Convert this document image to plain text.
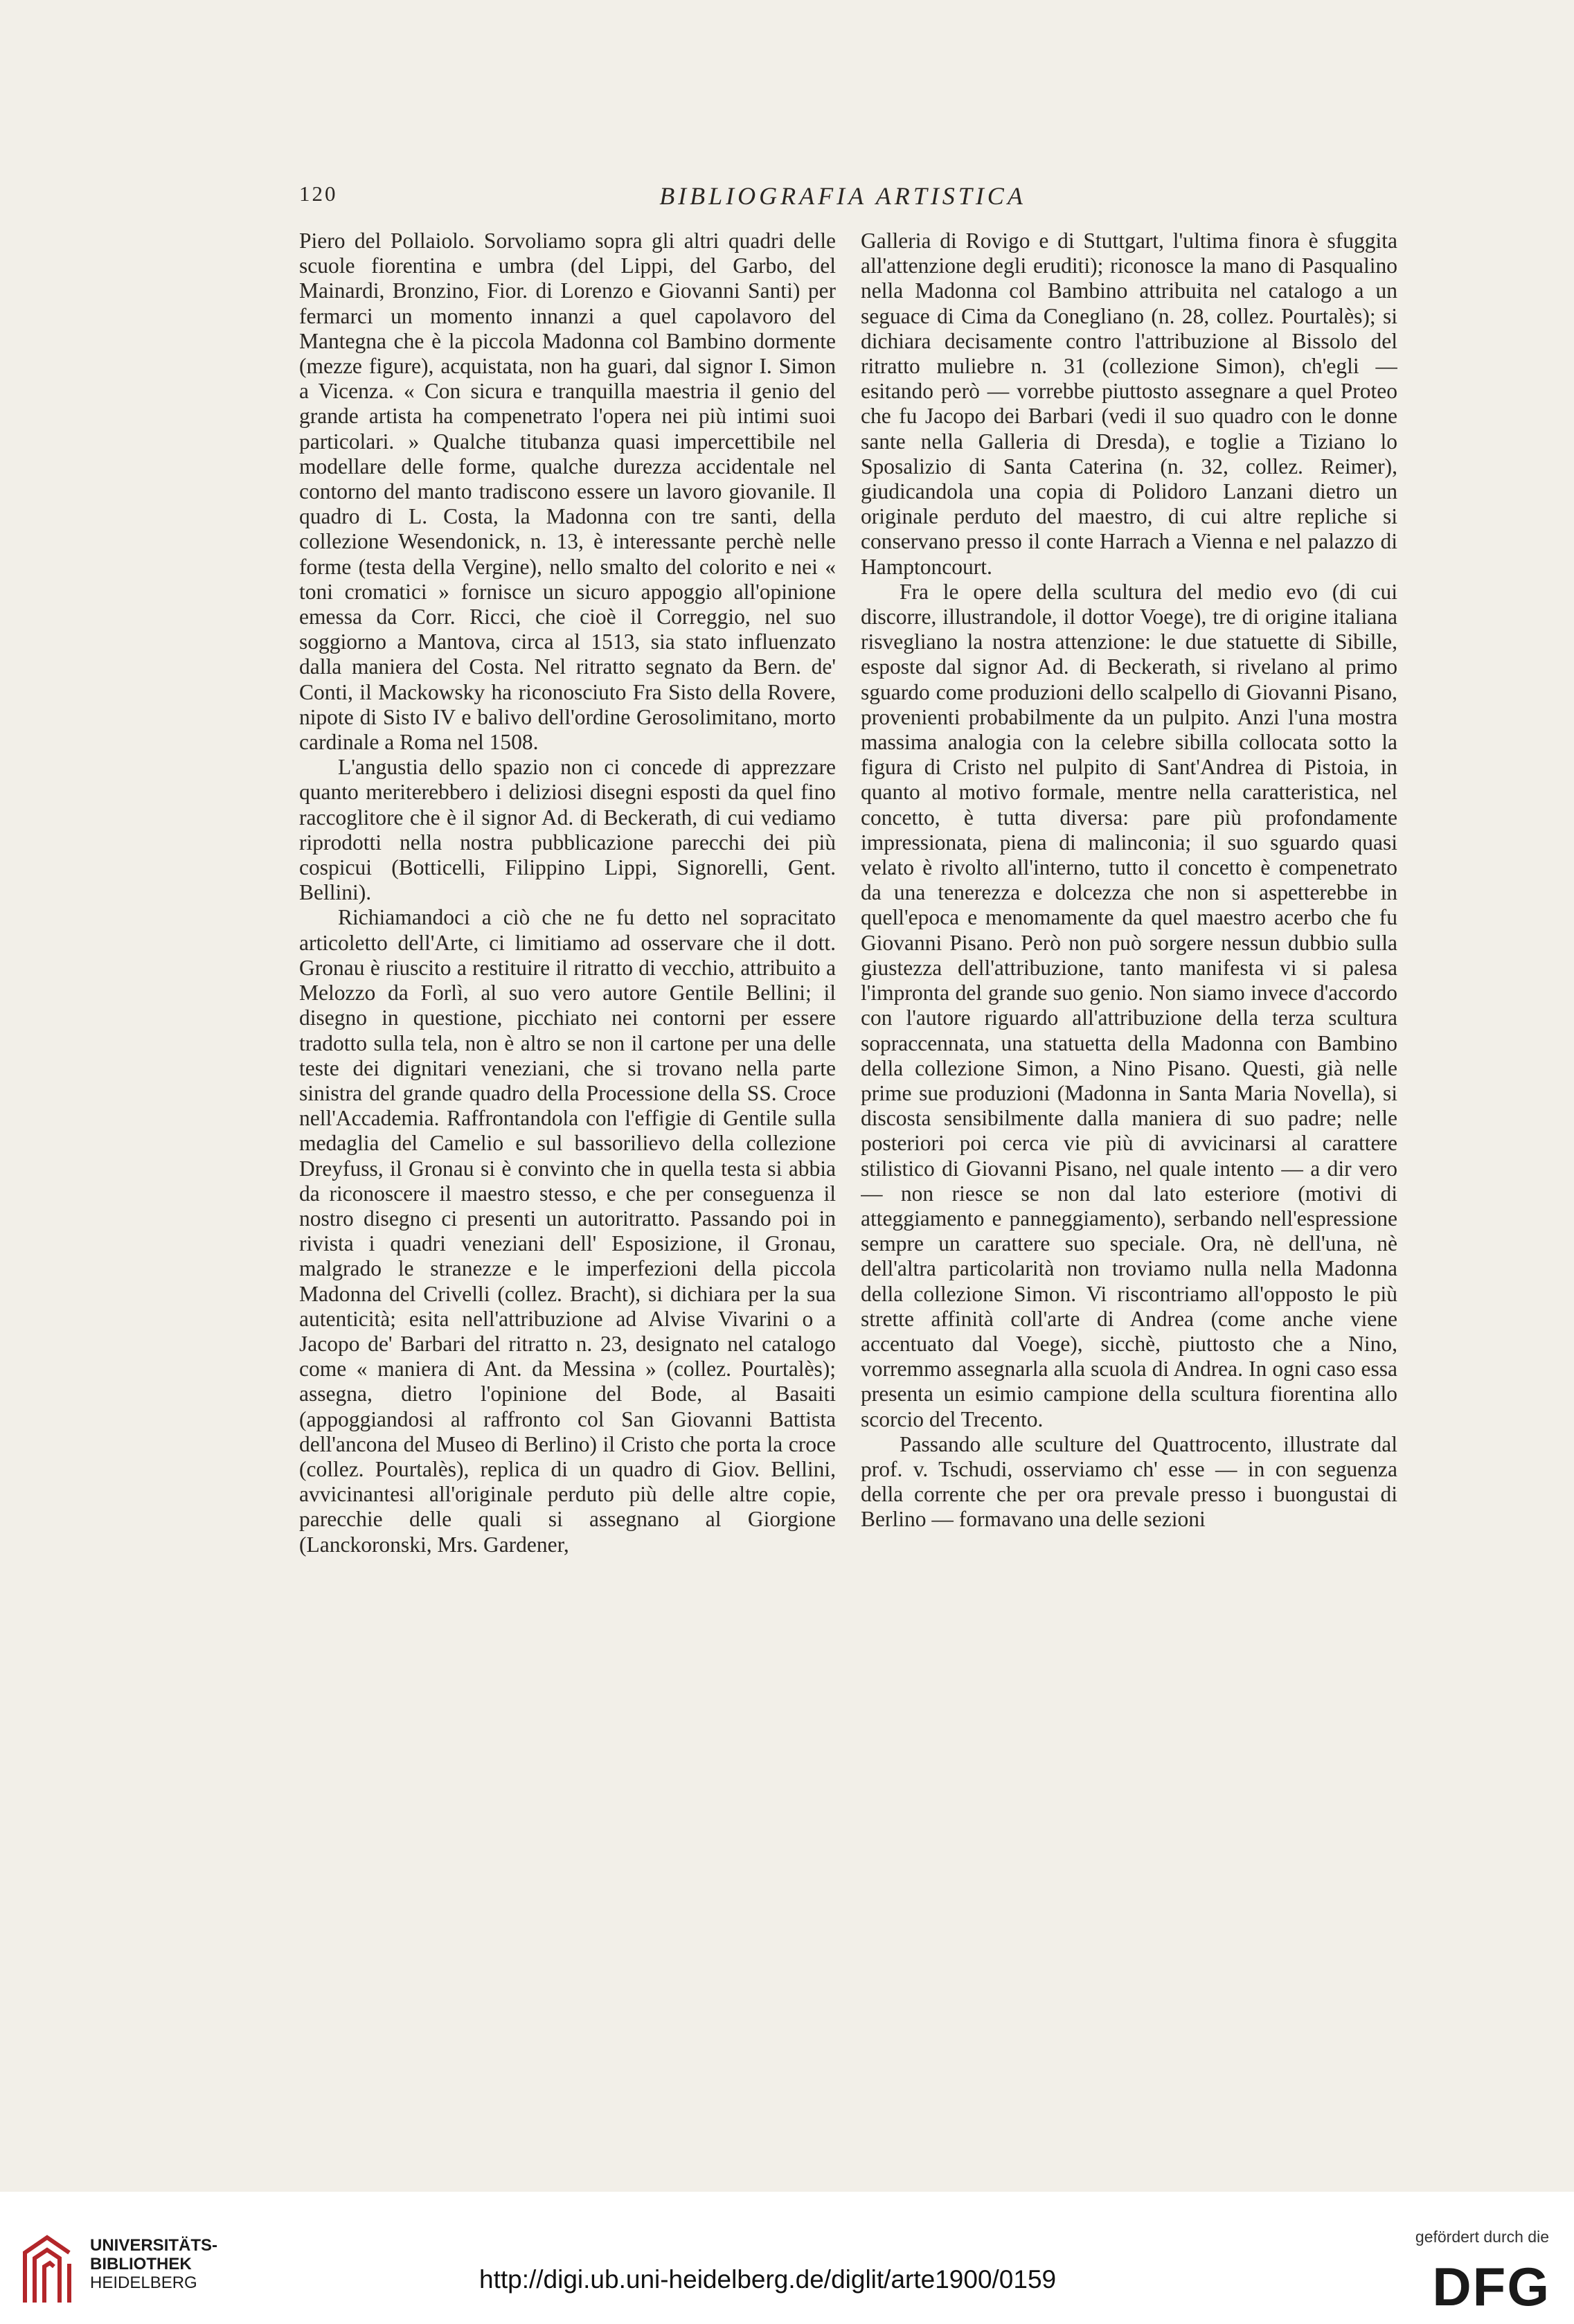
120	BIBLIOGRAFIA ARTISTICA

Piero del Pollaiolo. Sorvoliamo sopra gli altri quadri delle scuole fiorentina e umbra (del Lippi, del Garbo, del Mainardi, Bronzino, Fior. di Lorenzo e Giovanni Santi) per fermarci un momento innanzi a quel capolavoro del Mantegna che è la piccola Madonna col Bambino dormente (mezze figure), acquistata, non ha guari, dal signor I. Simon a Vicenza. « Con sicura e tranquilla maestria il genio del grande artista ha compenetrato l'opera nei più intimi suoi particolari. » Qualche titubanza quasi impercettibile nel modellare delle forme, qualche durezza accidentale nel contorno del manto tradiscono essere un lavoro giovanile. Il quadro di L. Costa, la Madonna con tre santi, della collezione Wesendonick, n. 13, è interessante perchè nelle forme (testa della Vergine), nello smalto del colorito e nei « toni cromatici » fornisce un sicuro appoggio all'opinione emessa da Corr. Ricci, che cioè il Correggio, nel suo soggiorno a Mantova, circa al 1513, sia stato influenzato dalla maniera del Costa. Nel ritratto segnato da Bern. de' Conti, il Mackowsky ha riconosciuto Fra Sisto della Rovere, nipote di Sisto IV e balivo dell'ordine Gerosolimitano, morto cardinale a Roma nel 1508.

L'angustia dello spazio non ci concede di apprezzare quanto meriterebbero i deliziosi disegni esposti da quel fino raccoglitore che è il signor Ad. di Beckerath, di cui vediamo riprodotti nella nostra pubblicazione parecchi dei più cospicui (Botticelli, Filippino Lippi, Signorelli, Gent. Bellini).

Richiamandoci a ciò che ne fu detto nel sopracitato articoletto dell'Arte, ci limitiamo ad osservare che il dott. Gronau è riuscito a restituire il ritratto di vecchio, attribuito a Melozzo da Forlì, al suo vero autore Gentile Bellini; il disegno in questione, picchiato nei contorni per essere tradotto sulla tela, non è altro se non il cartone per una delle teste dei dignitari veneziani, che si trovano nella parte sinistra del grande quadro della Processione della SS. Croce nell'Accademia. Raffrontandola con l'effigie di Gentile sulla medaglia del Camelio e sul bassorilievo della collezione Dreyfuss, il Gronau si è convinto che in quella testa si abbia da riconoscere il maestro stesso, e che per conseguenza il nostro disegno ci presenti un autoritratto. Passando poi in rivista i quadri veneziani dell' Esposizione, il Gronau, malgrado le stranezze e le imperfezioni della piccola Madonna del Crivelli (collez. Bracht), si dichiara per la sua autenticità; esita nell'attribuzione ad Alvise Vivarini o a Jacopo de' Barbari del ritratto n. 23, designato nel catalogo come « maniera di Ant. da Messina » (collez. Pourtalès); assegna, dietro l'opinione del Bode, al Basaiti (appoggiandosi al raffronto col San Giovanni Battista dell'ancona del Museo di Berlino) il Cristo che porta la croce (collez. Pourtalès), replica di un quadro di Giov. Bellini, avvicinantesi all'originale perduto più delle altre copie, parecchie delle quali si assegnano al Giorgione (Lanckoronski, Mrs. Gardener,

Galleria di Rovigo e di Stuttgart, l'ultima finora è sfuggita all'attenzione degli eruditi); riconosce la mano di Pasqualino nella Madonna col Bambino attribuita nel catalogo a un seguace di Cima da Conegliano (n. 28, collez. Pourtalès); si dichiara decisamente contro l'attribuzione al Bissolo del ritratto muliebre n. 31 (collezione Simon), ch'egli — esitando però — vorrebbe piuttosto assegnare a quel Proteo che fu Jacopo dei Barbari (vedi il suo quadro con le donne sante nella Galleria di Dresda), e toglie a Tiziano lo Sposalizio di Santa Caterina (n. 32, collez. Reimer), giudicandola una copia di Polidoro Lanzani dietro un originale perduto del maestro, di cui altre repliche si conservano presso il conte Harrach a Vienna e nel palazzo di Hamptoncourt.

Fra le opere della scultura del medio evo (di cui discorre, illustrandole, il dottor Voege), tre di origine italiana risvegliano la nostra attenzione: le due statuette di Sibille, esposte dal signor Ad. di Beckerath, si rivelano al primo sguardo come produzioni dello scalpello di Giovanni Pisano, provenienti probabilmente da un pulpito. Anzi l'una mostra massima analogia con la celebre sibilla collocata sotto la figura di Cristo nel pulpito di Sant'Andrea di Pistoia, in quanto al motivo formale, mentre nella caratteristica, nel concetto, è tutta diversa: pare più profondamente impressionata, piena di malinconia; il suo sguardo quasi velato è rivolto all'interno, tutto il concetto è compenetrato da una tenerezza e dolcezza che non si aspetterebbe in quell'epoca e menomamente da quel maestro acerbo che fu Giovanni Pisano. Però non può sorgere nessun dubbio sulla giustezza dell'attribuzione, tanto manifesta vi si palesa l'impronta del grande suo genio. Non siamo invece d'accordo con l'autore riguardo all'attribuzione della terza scultura sopraccennata, una statuetta della Madonna con Bambino della collezione Simon, a Nino Pisano. Questi, già nelle prime sue produzioni (Madonna in Santa Maria Novella), si discosta sensibilmente dalla maniera di suo padre; nelle posteriori poi cerca vie più di avvicinarsi al carattere stilistico di Giovanni Pisano, nel quale intento — a dir vero — non riesce se non dal lato esteriore (motivi di atteggiamento e panneggiamento), serbando nell'espressione sempre un carattere suo speciale. Ora, nè dell'una, nè dell'altra particolarità non troviamo nulla nella Madonna della collezione Simon. Vi riscontriamo all'opposto le più strette affinità coll'arte di Andrea (come anche viene accentuato dal Voege), sicchè, piuttosto che a Nino, vorremmo assegnarla alla scuola di Andrea. In ogni caso essa presenta un esimio campione della scultura fiorentina allo scorcio del Trecento.

Passando alle sculture del Quattrocento, illustrate dal prof. v. Tschudi, osserviamo ch' esse — in con seguenza della corrente che per ora prevale presso i buongustai di Berlino — formavano una delle sezioni

UNIVERSITÄTS-
BIBLIOTHEK
HEIDELBERG	http://digi.ub.uni-heidelberg.de/diglit/arte1900/0159
gefördert durch die
DFG
